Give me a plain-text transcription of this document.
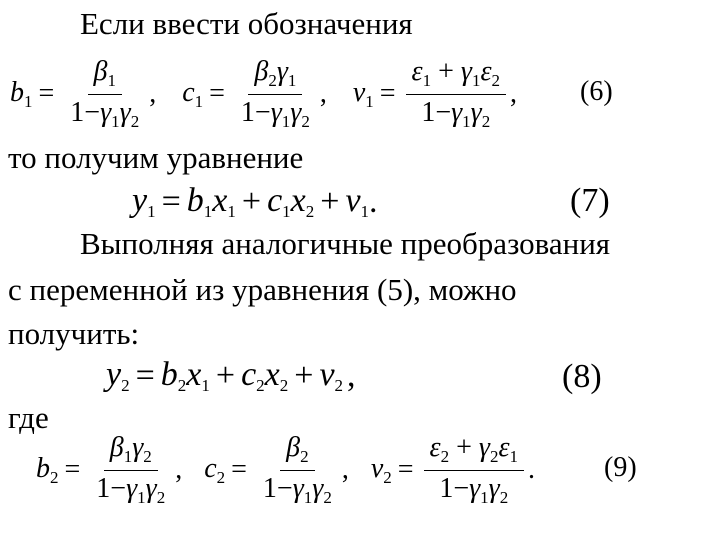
Если ввести обозначения
$b_1 = \frac{\beta_1}{1-\gamma_1\gamma_2}$ , $c_1 = \frac{\beta_2\gamma_1}{1-\gamma_1\gamma_2}$ , $\nu_1 = \frac{\varepsilon_1 + \gamma_1\varepsilon_2}{1-\gamma_1\gamma_2}$ , (6)
то получим уравнение
$y_1 = b_1x_1 + c_1x_2 + \nu_1$ .	(7)
Выполняя аналогичные преобразования
с переменной из уравнения (5), можно
получить:
$y_2 = b_2x_1 + c_2x_2 + \nu_2$ ,	(8)
где
$b_2 = \frac{\beta_1\gamma_2}{1-\gamma_1\gamma_2}$ , $c_2 = \frac{\beta_2}{1-\gamma_1\gamma_2}$ , $\nu_2 = \frac{\varepsilon_2 + \gamma_2\varepsilon_1}{1-\gamma_1\gamma_2}$ . (9)
